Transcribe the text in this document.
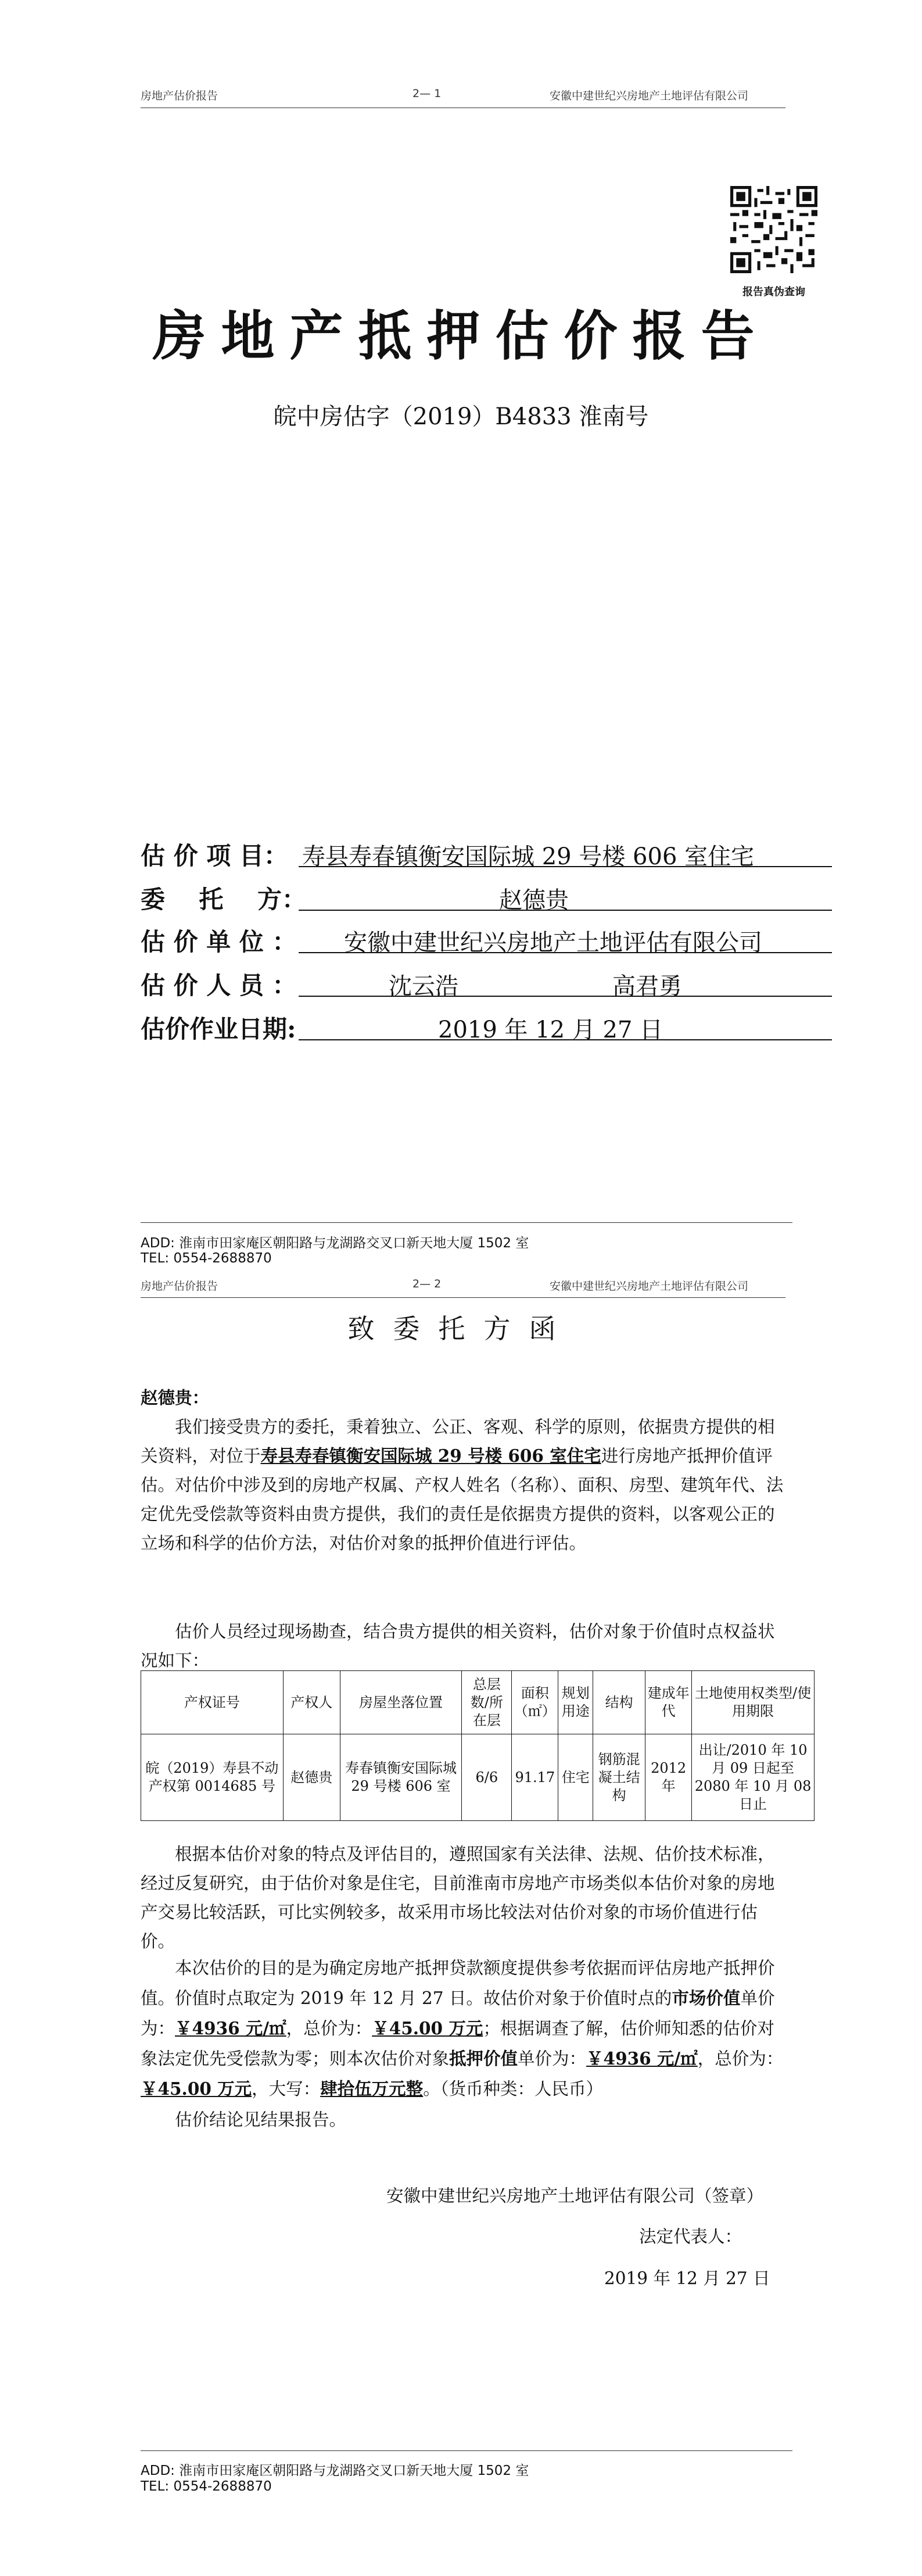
房地产估价报告	2— 1	安徽中建世纪兴房地产土地评估有限公司
报告真伪查询
房地产抵押估价报告
皖中房估字（2019）B4833 淮南号
估 价 项 目： 寿县寿春镇衡安国际城 29 号楼 606 室住宅
委    托    方：	赵德贵
估 价 单 位 ： 安徽中建世纪兴房地产土地评估有限公司
估 价 人 员 ：	沈云浩	高君勇
估价作业日期:	2019 年 12 月 27 日
ADD: 淮南市田家庵区朝阳路与龙湖路交叉口新天地大厦 1502 室
TEL: 0554-2688870
房地产估价报告	2— 2	安徽中建世纪兴房地产土地评估有限公司
致委托方函
赵德贵：
我们接受贵方的委托，秉着独立、公正、客观、科学的原则，依据贵方提供的相关资料，对位于寿县寿春镇衡安国际城 29 号楼 606 室住宅进行房地产抵押价值评估。对估价中涉及到的房地产权属、产权人姓名（名称）、面积、房型、建筑年代、法定优先受偿款等资料由贵方提供，我们的责任是依据贵方提供的资料，以客观公正的立场和科学的估价方法，对估价对象的抵押价值进行评估。
估价人员经过现场勘查，结合贵方提供的相关资料，估价对象于价值时点权益状况如下：
产权证号	产权人	房屋坐落位置	总层数/所在层	面积（㎡）	规划用途	结构	建成年代	土地使用权类型/使用期限
皖（2019）寿县不动产权第 0014685 号	赵德贵	寿春镇衡安国际城 29 号楼 606 室	6/6	91.17	住宅	钢筋混凝土结构	2012 年	出让/2010 年 10 月 09 日起至 2080 年 10 月 08 日止
根据本估价对象的特点及评估目的，遵照国家有关法律、法规、估价技术标准，经过反复研究，由于估价对象是住宅，目前淮南市房地产市场类似本估价对象的房地产交易比较活跃，可比实例较多，故采用市场比较法对估价对象的市场价值进行估价。
本次估价的目的是为确定房地产抵押贷款额度提供参考依据而评估房地产抵押价值。价值时点取定为 2019 年 12 月 27 日。故估价对象于价值时点的市场价值单价为：￥4936 元/㎡，总价为：￥45.00 万元；根据调查了解，估价师知悉的估价对象法定优先受偿款为零；则本次估价对象抵押价值单价为：￥4936 元/㎡，总价为：￥45.00 万元，大写：肆拾伍万元整。（货币种类：人民币）
估价结论见结果报告。
安徽中建世纪兴房地产土地评估有限公司（签章）
法定代表人：
2019 年 12 月 27 日
ADD: 淮南市田家庵区朝阳路与龙湖路交叉口新天地大厦 1502 室
TEL: 0554-2688870
